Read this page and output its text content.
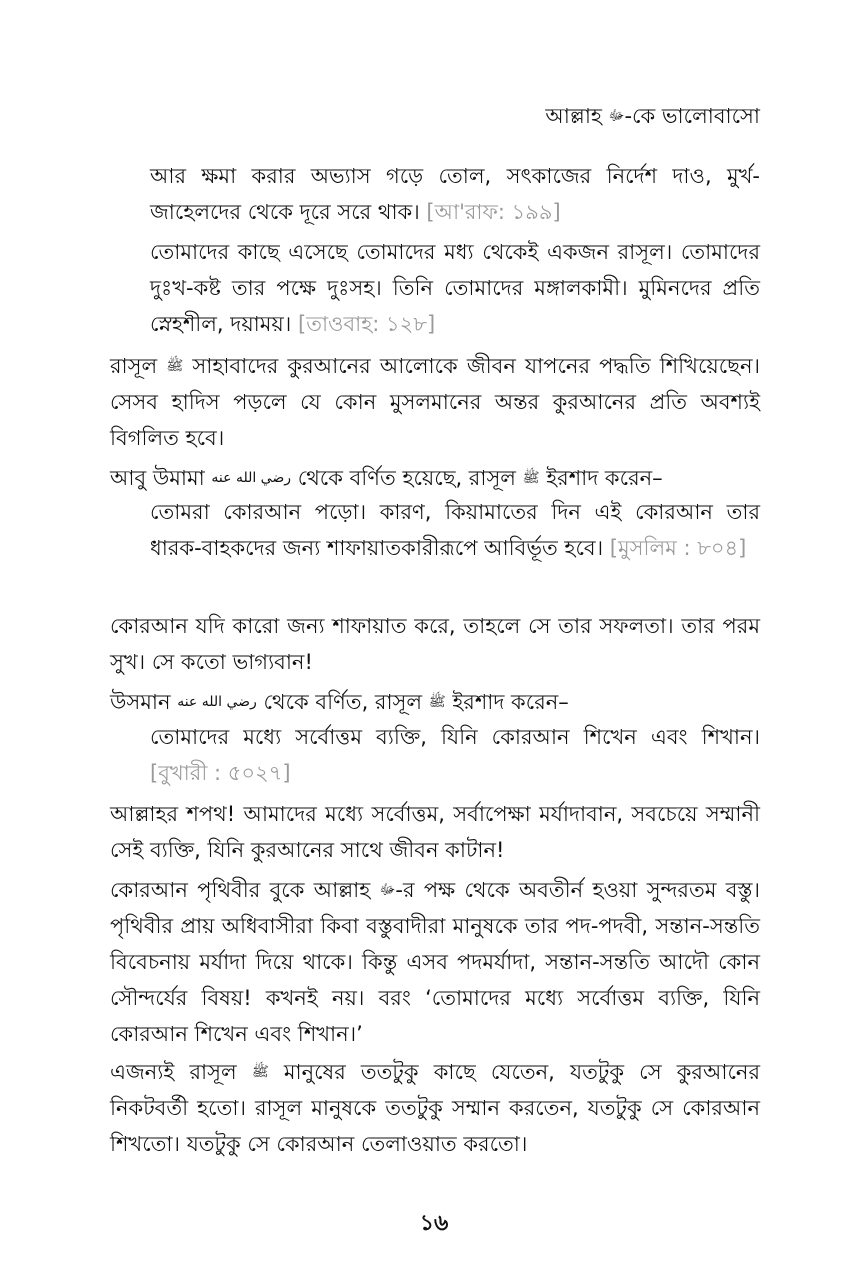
আল্লাহ ﷻ-কে ভালোবাসো
আর ক্ষমা করার অভ্যাস গড়ে তোল, সৎকাজের নির্দেশ দাও, মুর্খ-জাহেলদের থেকে দূরে সরে থাক। [আ'রাফ: ১৯৯]
তোমাদের কাছে এসেছে তোমাদের মধ্য থেকেই একজন রাসূল। তোমাদের দুঃখ-কষ্ট তার পক্ষে দুঃসহ। তিনি তোমাদের মঙ্গালকামী। মুমিনদের প্রতি স্নেহশীল, দয়াময়। [তাওবাহ: ১২৮]
রাসূল ﷺ সাহাবাদের কুরআনের আলোকে জীবন যাপনের পদ্ধতি শিখিয়েছেন। সেসব হাদিস পড়লে যে কোন মুসলমানের অন্তর কুরআনের প্রতি অবশ্যই বিগলিত হবে।
আবু উমামা رضي الله عنه থেকে বর্ণিত হয়েছে, রাসূল ﷺ ইরশাদ করেন–
তোমরা কোরআন পড়ো। কারণ, কিয়ামাতের দিন এই কোরআন তার ধারক-বাহকদের জন্য শাফায়াতকারীরূপে আবির্ভূত হবে। [মুসলিম : ৮০৪]
কোরআন যদি কারো জন্য শাফায়াত করে, তাহলে সে তার সফলতা। তার পরম সুখ। সে কতো ভাগ্যবান!
উসমান رضي الله عنه থেকে বর্ণিত, রাসূল ﷺ ইরশাদ করেন–
তোমাদের মধ্যে সর্বোত্তম ব্যক্তি, যিনি কোরআন শিখেন এবং শিখান। [বুখারী : ৫০২৭]
আল্লাহর শপথ! আমাদের মধ্যে সর্বোত্তম, সর্বাপেক্ষা মর্যাদাবান, সবচেয়ে সম্মানী সেই ব্যক্তি, যিনি কুরআনের সাথে জীবন কাটান!
কোরআন পৃথিবীর বুকে আল্লাহ ﷻ-র পক্ষ থেকে অবতীর্ন হওয়া সুন্দরতম বস্তু। পৃথিবীর প্রায় অধিবাসীরা কিবা বস্তুবাদীরা মানুষকে তার পদ-পদবী, সন্তান-সন্ততি বিবেচনায় মর্যাদা দিয়ে থাকে। কিন্তু এসব পদমর্যাদা, সন্তান-সন্ততি আদৌ কোন সৌন্দর্যের বিষয়! কখনই নয়। বরং ‘তোমাদের মধ্যে সর্বোত্তম ব্যক্তি, যিনি কোরআন শিখেন এবং শিখান।’
এজন্যই রাসূল ﷺ মানুষের ততটুকু কাছে যেতেন, যতটুকু সে কুরআনের নিকটবর্তী হতো। রাসূল মানুষকে ততটুকু সম্মান করতেন, যতটুকু সে কোরআন শিখতো। যতটুকু সে কোরআন তেলাওয়াত করতো।
১৬
